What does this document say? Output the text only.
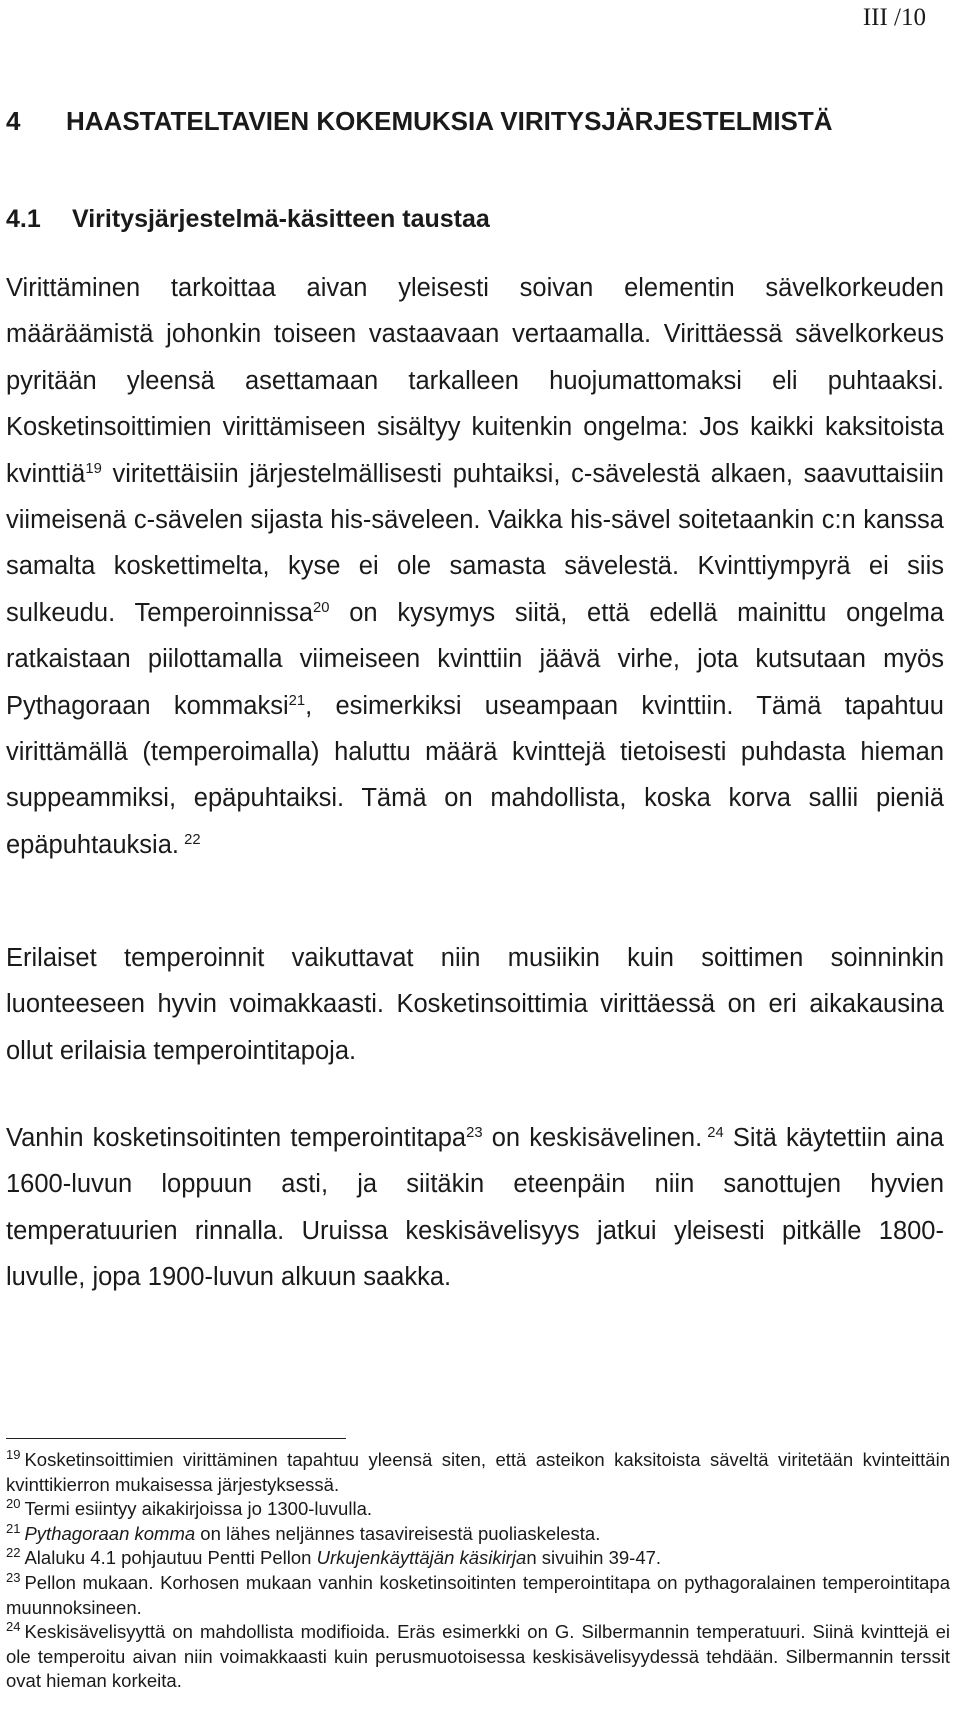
III /10
4 HAASTATELTAVIEN KOKEMUKSIA VIRITYSJÄRJESTELMISTÄ
4.1 Viritysjärjestelmä-käsitteen taustaa

Virittäminen tarkoittaa aivan yleisesti soivan elementin sävelkorkeuden määräämistä johonkin toiseen vastaavaan vertaamalla. Virittäessä sävelkorkeus pyritään yleensä asettamaan tarkalleen huojumattomaksi eli puhtaaksi. Kosketinsoittimien virittämiseen sisältyy kuitenkin ongelma: Jos kaikki kaksitoista kvinttiä$^{19}$ viritettäisiin järjestelmällisesti puhtaiksi, c-sävelestä alkaen, saavuttaisiin viimeisenä c-sävelen sijasta his-säveleen. Vaikka his-sävel soitetaankin c:n kanssa samalta koskettimelta, kyse ei ole samasta sävelestä. Kvinttiympyrä ei siis sulkeudu. Temperoinnissa$^{20}$ on kysymys siitä, että edellä mainittu ongelma ratkaistaan piilottamalla viimeiseen kvinttiin jäävä virhe, jota kutsutaan myös Pythagoraan kommaksi$^{21}$, esimerkiksi useampaan kvinttiin. Tämä tapahtuu virittämällä (temperoimalla) haluttu määrä kvinttejä tietoisesti puhdasta hieman suppeammiksi, epäpuhtaiksi. Tämä on mahdollista, koska korva sallii pieniä epäpuhtauksia.  $^{22}$

Erilaiset temperoinnit vaikuttavat niin musiikin kuin soittimen soinninkin luonteeseen hyvin voimakkaasti. Kosketinsoittimia virittäessä on eri aikakausina ollut erilaisia temperointitapoja.

Vanhin kosketinsoitinten temperointitapa$^{23}$ on keskisävelinen.  $^{24}$ Sitä käytettiin aina 1600-luvun loppuun asti, ja siitäkin eteenpäin niin sanottujen hyvien temperatuurien rinnalla. Uruissa keskisävelisyys jatkui yleisesti pitkälle 1800-luvulle, jopa 1900-luvun alkuun saakka.

$^{19}$ Kosketinsoittimien virittäminen tapahtuu yleensä siten, että asteikon kaksitoista säveltä viritetään kvinteittäin kvinttikierron mukaisessa järjestyksessä.

$^{20}$ Termi esiintyy aikakirjoissa jo 1300-luvulla.

$^{21}$ Pythagoraan komma on lähes neljännes tasavireisestä puoliaskelesta.

$^{22}$ Alaluku 4.1 pohjautuu Pentti Pellon Urkujenkäyttäjän käsikirjan sivuihin 39-47.

$^{23}$ Pellon mukaan. Korhosen mukaan vanhin kosketinsoitinten temperointitapa on pythagoralainen temperointitapa muunnoksineen.

$^{24}$ Keskisävelisyyttä on mahdollista modifioida. Eräs esimerkki on G. Silbermannin temperatuuri. Siinä kvinttejä ei ole temperoitu aivan niin voimakkaasti kuin perusmuotoisessa keskisävelisyydessä tehdään. Silbermannin terssit ovat hieman korkeita.
